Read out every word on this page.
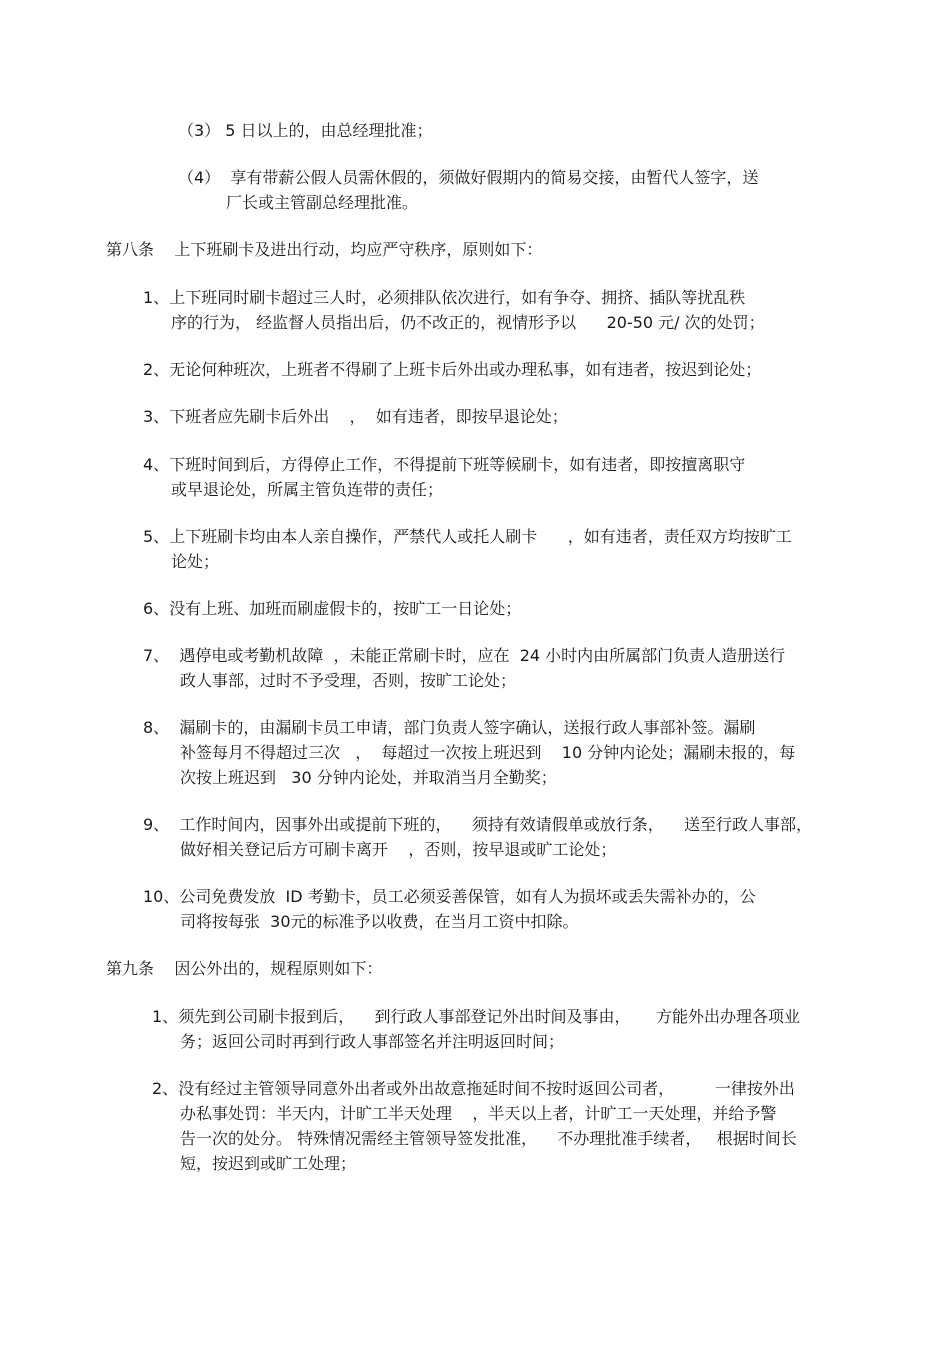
（3） 5 日以上的，由总经理批准；
（4） 享有带薪公假人员需休假的，须做好假期内的简易交接，由暂代人签字，送
厂长或主管副总经理批准。
第八条 上下班刷卡及进出行动，均应严守秩序，原则如下：
1、上下班同时刷卡超过三人时，必须排队依次进行，如有争夺、拥挤、插队等扰乱秩
序的行为， 经监督人员指出后，仍不改正的，视情形予以      20-50 元/ 次的处罚；
2、无论何种班次，上班者不得刷了上班卡后外出或办理私事，如有违者，按迟到论处；
3、下班者应先刷卡后外出    ，  如有违者，即按早退论处；
4、下班时间到后，方得停止工作，不得提前下班等候刷卡，如有违者，即按擅离职守
或早退论处，所属主管负连带的责任；
5、上下班刷卡均由本人亲自操作，严禁代人或托人刷卡      ，如有违者，责任双方均按旷工
论处；
6、没有上班、加班而刷虚假卡的，按旷工一日论处；
7、 遇停电或考勤机故障  ，未能正常刷卡时，应在  24 小时内由所属部门负责人造册送行
政人事部，过时不予受理，否则，按旷工论处；
8、 漏刷卡的，由漏刷卡员工申请，部门负责人签字确认，送报行政人事部补签。漏刷
补签每月不得超过三次   ，  每超过一次按上班迟到    10 分钟内论处；漏刷未报的，每
次按上班迟到   30 分钟内论处，并取消当月全勤奖；
9、 工作时间内，因事外出或提前下班的，    须持有效请假单或放行条，    送至行政人事部，
做好相关登记后方可刷卡离开    ，否则，按早退或旷工论处；
10、公司免费发放  ID 考勤卡，员工必须妥善保管，如有人为损坏或丢失需补办的，公
司将按每张  30元的标准予以收费，在当月工资中扣除。
第九条 因公外出的，规程原则如下：
1、须先到公司刷卡报到后，    到行政人事部登记外出时间及事由，     方能外出办理各项业
务；返回公司时再到行政人事部签名并注明返回时间；
2、没有经过主管领导同意外出者或外出故意拖延时间不按时返回公司者，        一律按外出
办私事处罚：半天内，计旷工半天处理    ，半天以上者，计旷工一天处理，并给予警
告一次的处分。 特殊情况需经主管领导签发批准，    不办理批准手续者，   根据时间长
短，按迟到或旷工处理；
